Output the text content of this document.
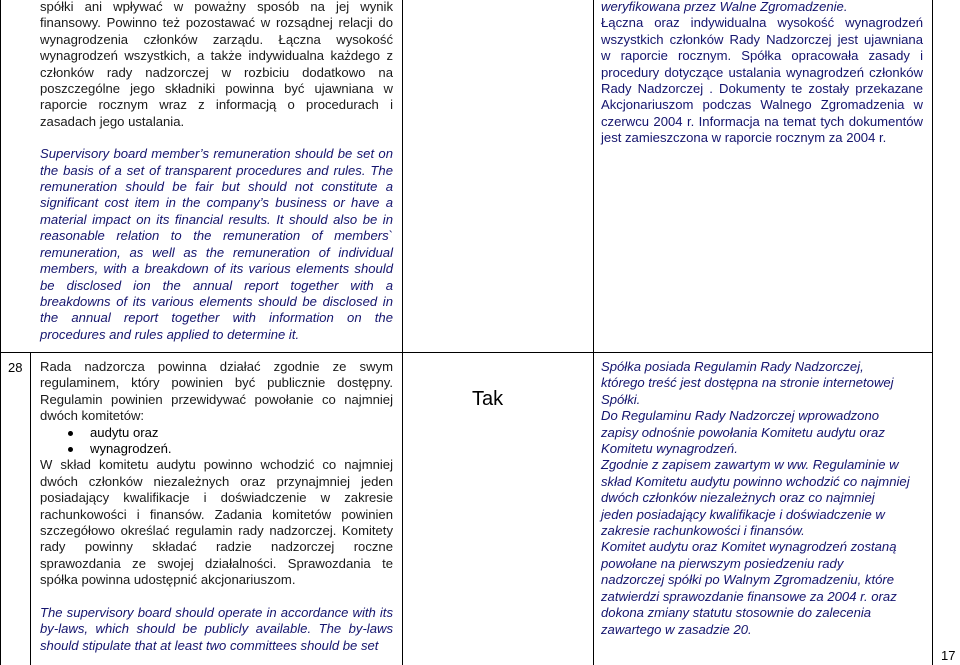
spółki ani wpływać w poważny sposób na jej wynik finansowy. Powinno też pozostawać w rozsądnej relacji do wynagrodzenia członków zarządu. Łączna wysokość wynagrodzeń wszystkich, a także indywidualna każdego z członków rady nadzorczej w rozbiciu dodatkowo na poszczególne jego składniki powinna być ujawniana w raporcie rocznym wraz z informacją o procedurach i zasadach jego ustalania.

Supervisory board member’s remuneration should be set on the basis of a set of transparent procedures and rules. The remuneration should be fair but should not constitute a significant cost item in the company’s business or have a material impact on its financial results. It should also be in reasonable relation to the remuneration of members` remuneration, as well as the remuneration of individual members, with a breakdown of its various elements should be disclosed ion the annual report together with a breakdowns of its various elements should be disclosed in the annual report together with information on the procedures and rules applied to determine it.

weryfikowana przez Walne Zgromadzenie.

Łączna oraz indywidualna wysokość wynagrodzeń wszystkich członków Rady Nadzorczej jest ujawniana w raporcie rocznym. Spółka opracowała zasady i procedury dotyczące ustalania wynagrodzeń członków Rady Nadzorczej . Dokumenty te zostały przekazane Akcjonariuszom podczas Walnego Zgromadzenia w czerwcu 2004 r. Informacja na temat tych dokumentów jest zamieszczona w raporcie rocznym za 2004 r.

28 Rada nadzorcza powinna działać zgodnie ze swym regulaminem, który powinien być publicznie dostępny. Regulamin powinien przewidywać powołanie co najmniej dwóch komitetów:

audytu oraz
wynagrodzeń.

W skład komitetu audytu powinno wchodzić co najmniej dwóch członków niezależnych oraz przynajmniej jeden posiadający kwalifikacje i doświadczenie w zakresie rachunkowości i finansów. Zadania komitetów powinien szczegółowo określać regulamin rady nadzorczej. Komitety rady powinny składać radzie nadzorczej roczne sprawozdania ze swojej działalności. Sprawozdania te spółka powinna udostępnić akcjonariuszom.

The supervisory board should operate in accordance with its by-laws, which should be publicly available. The by-laws should stipulate that at least two committees should be set

Tak
Spółka posiada Regulamin Rady Nadzorczej,
którego treść jest dostępna na stronie internetowej
Spółki.
Do Regulaminu Rady Nadzorczej wprowadzono
zapisy odnośnie powołania Komitetu audytu oraz
Komitetu wynagrodzeń.
Zgodnie z zapisem zawartym w ww. Regulaminie w
skład Komitetu audytu powinno wchodzić co najmniej
dwóch członków niezależnych oraz co najmniej
jeden posiadający kwalifikacje i doświadczenie w
zakresie rachunkowości i finansów.
Komitet audytu oraz Komitet wynagrodzeń zostaną
powołane na pierwszym posiedzeniu rady
nadzorczej spółki po Walnym Zgromadzeniu, które
zatwierdzi sprawozdanie finansowe za 2004 r. oraz
dokona zmiany statutu stosownie do zalecenia
zawartego w zasadzie 20.
17
